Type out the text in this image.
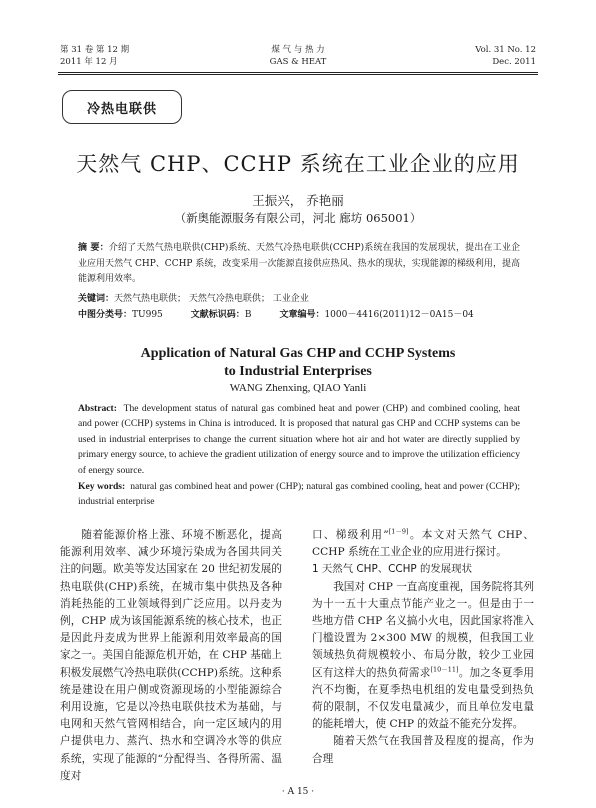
第 31 卷 第 12 期
2011 年 12 月
煤 气 与 热 力
GAS & HEAT
Vol. 31 No. 12
Dec. 2011
冷热电联供
天然气 CHP、CCHP 系统在工业企业的应用
王振兴， 乔艳丽
（新奥能源服务有限公司，河北 廊坊 065001）
摘 要：介绍了天然气热电联供(CHP)系统、天然气冷热电联供(CCHP)系统在我国的发展现状，提出在工业企业应用天然气 CHP、CCHP 系统，改变采用一次能源直接供应热风、热水的现状，实现能源的梯级利用，提高能源利用效率。
关键词：天然气热电联供； 天然气冷热电联供； 工业企业
中图分类号：TU995	文献标识码：B	文章编号：1000－4416(2011)12－0A15－04
Application of Natural Gas CHP and CCHP Systems
to Industrial Enterprises
WANG Zhenxing, QIAO Yanli
Abstract: The development status of natural gas combined heat and power (CHP) and combined cooling, heat and power (CCHP) systems in China is introduced. It is proposed that natural gas CHP and CCHP systems can be used in industrial enterprises to change the current situation where hot air and hot water are directly supplied by primary energy source, to achieve the gradient utilization of energy source and to improve the utilization efficiency of energy source.
Key words: natural gas combined heat and power (CHP); natural gas combined cooling, heat and power (CCHP); industrial enterprise

随着能源价格上涨、环境不断恶化，提高能源利用效率、减少环境污染成为各国共同关注的问题。欧美等发达国家在 20 世纪初发展的热电联供(CHP)系统，在城市集中供热及各种消耗热能的工业领域得到广泛应用。以丹麦为例，CHP 成为该国能源系统的核心技术，也正是因此丹麦成为世界上能源利用效率最高的国家之一。美国自能源危机开始，在 CHP 基础上积极发展燃气冷热电联供(CCHP)系统。这种系统是建设在用户侧或资源现场的小型能源综合利用设施，它是以冷热电联供技术为基础，与电网和天然气管网相结合，向一定区域内的用户提供电力、蒸汽、热水和空调冷水等的供应系统，实现了能源的“分配得当、各得所需、温度对

口、梯级利用”[1－9]。本文对天然气 CHP、CCHP 系统在工业企业的应用进行探讨。

1 天然气 CHP、CCHP 的发展现状

我国对 CHP 一直高度重视，国务院将其列为十一五十大重点节能产业之一。但是由于一些地方借 CHP 名义搞小火电，因此国家将准入门槛设置为 2×300 MW 的规模，但我国工业领域热负荷规模较小、布局分散，较少工业园区有这样大的热负荷需求[10－11]。加之冬夏季用汽不均衡，在夏季热电机组的发电量受到热负荷的限制，不仅发电量减少，而且单位发电量的能耗增大，使 CHP 的效益不能充分发挥。

随着天然气在我国普及程度的提高，作为合理

· A 15 ·
